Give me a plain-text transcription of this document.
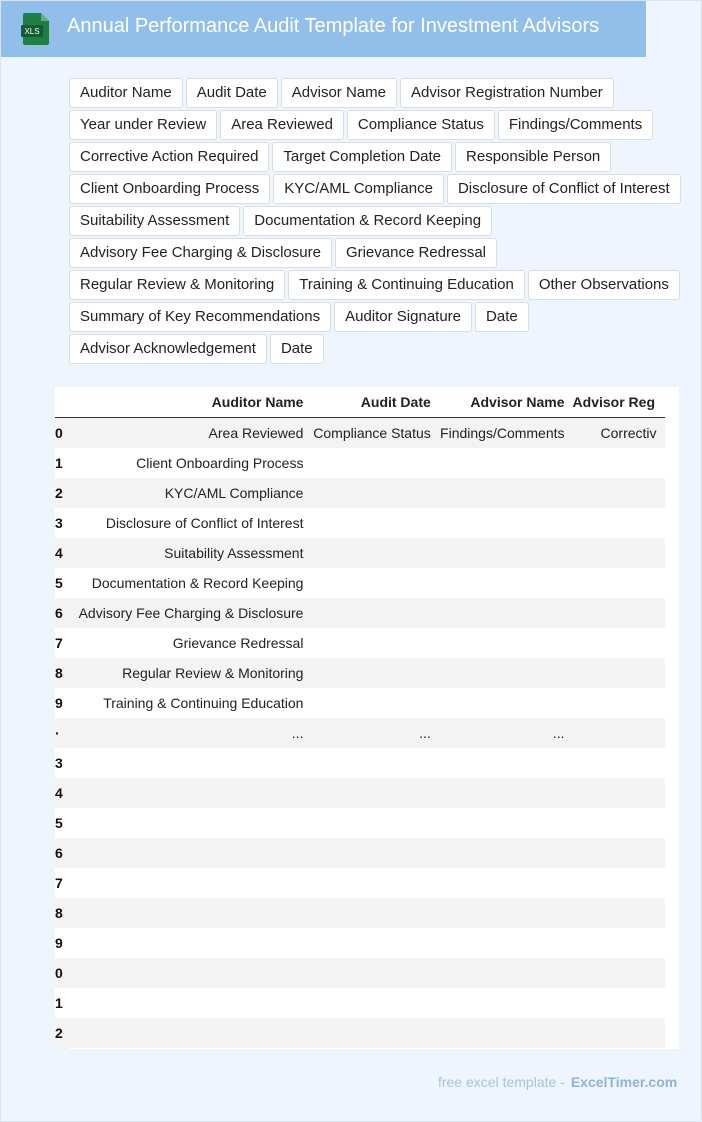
XLS Annual Performance Audit Template for Investment Advisors
Auditor Name	Audit Date	Advisor Name	Advisor Registration Number
Year under Review	Area Reviewed	Compliance Status	Findings/Comments
Corrective Action Required	Target Completion Date	Responsible Person
Client Onboarding Process	KYC/AML Compliance	Disclosure of Conflict of Interest
Suitability Assessment	Documentation & Record Keeping
Advisory Fee Charging & Disclosure	Grievance Redressal
Regular Review & Monitoring	Training & Continuing Education	Other Observations
Summary of Key Recommendations	Auditor Signature	Date
Advisor Acknowledgement	Date
	Auditor Name	Audit Date	Advisor Name	Advisor Reg
0	Area Reviewed	Compliance Status	Findings/Comments	Correctiv
1	Client Onboarding Process			
2	KYC/AML Compliance			
3	Disclosure of Conflict of Interest			
4	Suitability Assessment			
5	Documentation & Record Keeping			
6	Advisory Fee Charging & Disclosure			
7	Grievance Redressal			
8	Regular Review & Monitoring			
9	Training & Continuing Education			
·	...	...	...	
3				
4				
5				
6				
7				
8				
9				
0				
1				
2				
free excel template - ExcelTimer.com
